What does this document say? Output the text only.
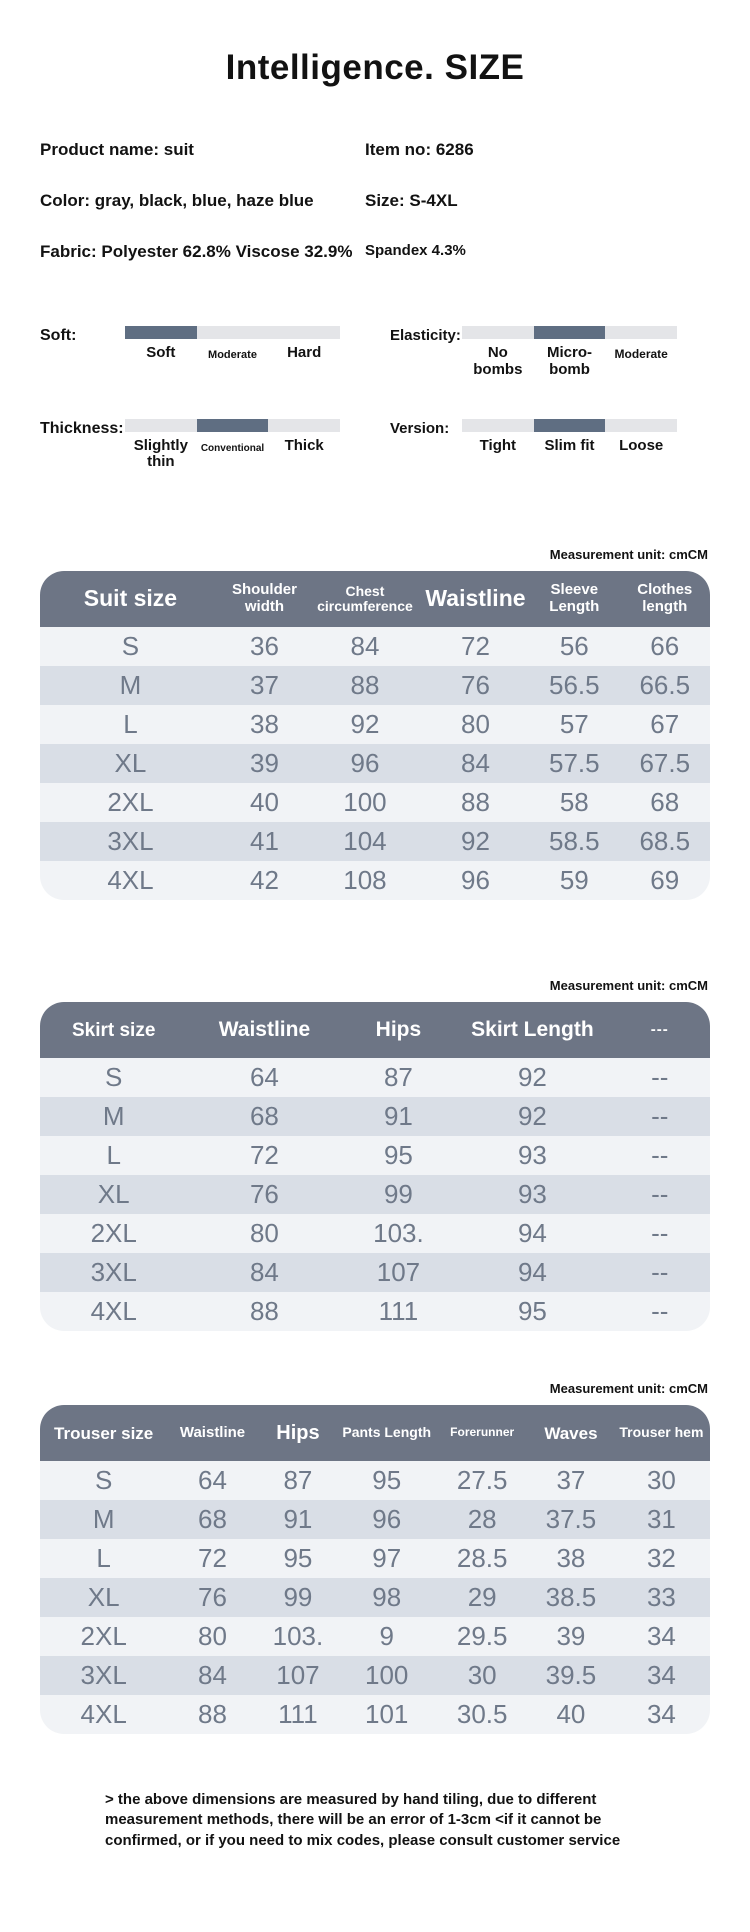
Intelligence. SIZE
Product name: suit	Item no: 6286
Color: gray, black, blue, haze blue	Size: S-4XL
Fabric: Polyester 62.8% Viscose 32.9% Spandex 4.3%
Soft:
Soft	Moderate	Hard
Elasticity:
No bombs
Micro-bomb
Moderate
Thickness:
Slightly thin
Conventional	Thick
Version:
Tight	Slim fit	Loose
Measurement unit: cmCM
Suit size	Shoulder width	Chest circumference	Waistline	Sleeve Length	Clothes length
S	36	84	72	56	66
M	37	88	76	56.5	66.5
L	38	92	80	57	67
XL	39	96	84	57.5	67.5
2XL	40	100	88	58	68
3XL	41	104	92	58.5	68.5
4XL	42	108	96	59	69
Measurement unit: cmCM
Skirt size	Waistline	Hips	Skirt Length	---
S	64	87	92	--
M	68	91	92	--
L	72	95	93	--
XL	76	99	93	--
2XL	80	103.	94	--
3XL	84	107	94	--
4XL	88	111	95	--
Measurement unit: cmCM
Trouser size	Waistline	Hips	Pants Length	Forerunner	Waves	Trouser hem
S	64	87	95	27.5	37	30
M	68	91	96	28	37.5	31
L	72	95	97	28.5	38	32
XL	76	99	98	29	38.5	33
2XL	80	103.	9	29.5	39	34
3XL	84	107	100	30	39.5	34
4XL	88	111	101	30.5	40	34
> the above dimensions are measured by hand tiling, due to different measurement methods, there will be an error of 1-3cm <if it cannot be confirmed, or if you need to mix codes, please consult customer service
